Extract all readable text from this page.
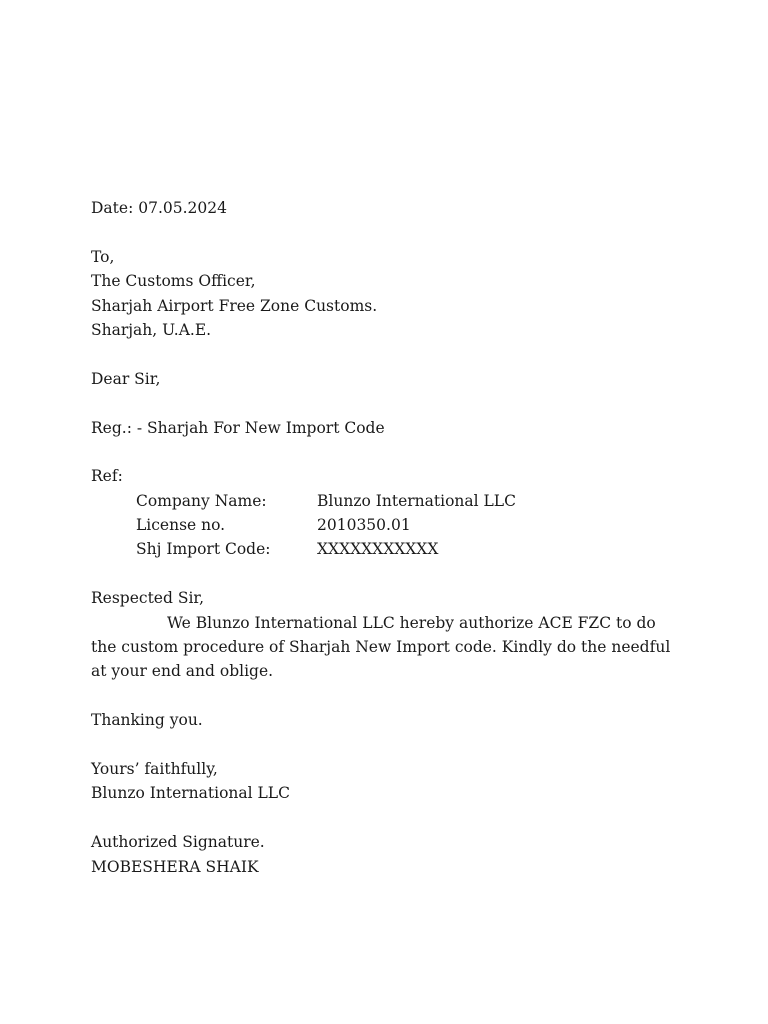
Date: 07.05.2024
To,
The Customs Officer,
Sharjah Airport Free Zone Customs.
Sharjah, U.A.E.
Dear Sir,
Reg.: - Sharjah For New Import Code
Ref:
Company Name:	Blunzo International LLC
License no.	2010350.01
Shj Import Code:	XXXXXXXXXXX
Respected Sir,
We Blunzo International LLC hereby authorize ACE FZC to do the custom procedure of Sharjah New Import code. Kindly do the needful at your end and oblige.
Thanking you.
Yours’ faithfully,
Blunzo International LLC
Authorized Signature.
MOBESHERA SHAIK
